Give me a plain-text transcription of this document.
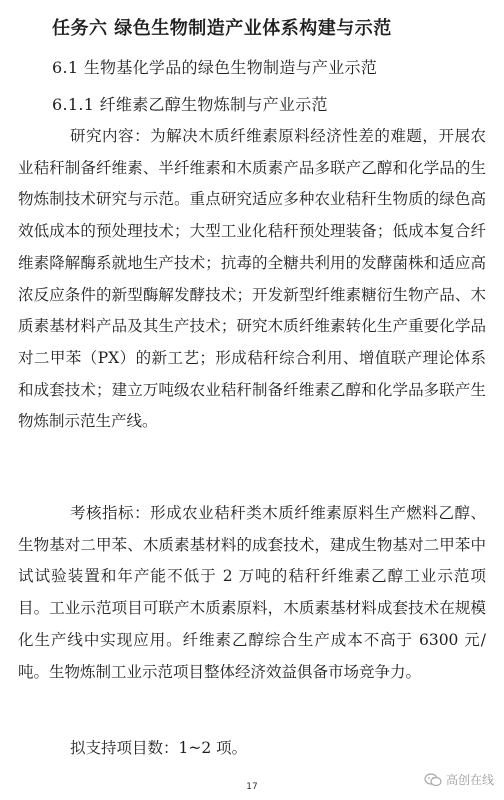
任务六 绿色生物制造产业体系构建与示范
6.1 生物基化学品的绿色生物制造与产业示范
6.1.1 纤维素乙醇生物炼制与产业示范

研究内容：为解决木质纤维素原料经济性差的难题，开展农业秸秆制备纤维素、半纤维素和木质素产品多联产乙醇和化学品的生物炼制技术研究与示范。重点研究适应多种农业秸秆生物质的绿色高效低成本的预处理技术；大型工业化秸秆预处理装备；低成本复合纤维素降解酶系就地生产技术；抗毒的全糖共利用的发酵菌株和适应高浓反应条件的新型酶解发酵技术；开发新型纤维素糖衍生物产品、木质素基材料产品及其生产技术；研究木质纤维素转化生产重要化学品对二甲苯（PX）的新工艺；形成秸秆综合利用、增值联产理论体系和成套技术；建立万吨级农业秸秆制备纤维素乙醇和化学品多联产生物炼制示范生产线。

考核指标：形成农业秸秆类木质纤维素原料生产燃料乙醇、生物基对二甲苯、木质素基材料的成套技术，建成生物基对二甲苯中试试验装置和年产能不低于 2 万吨的秸秆纤维素乙醇工业示范项目。工业示范项目可联产木质素原料，木质素基材料成套技术在规模化生产线中实现应用。纤维素乙醇综合生产成本不高于 6300 元/吨。生物炼制工业示范项目整体经济效益俱备市场竞争力。

拟支持项目数：1~2 项。

17	高创在线
